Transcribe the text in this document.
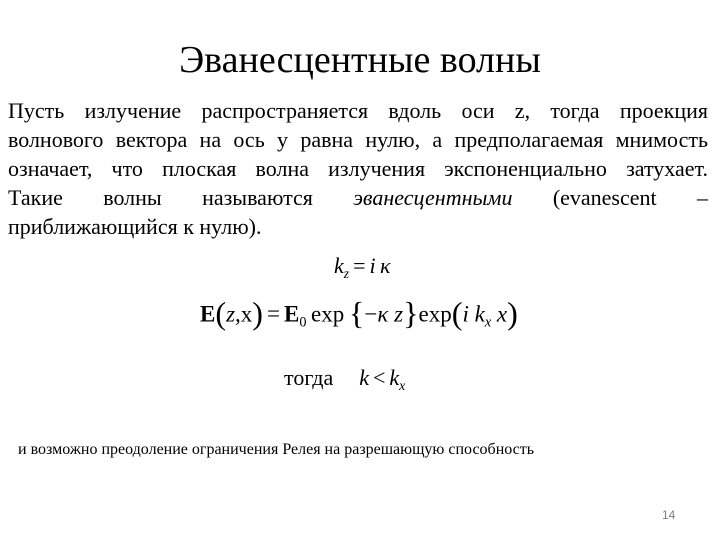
Эванесцентные волны
Пусть излучение распространяется вдоль оси z, тогда проекция
волнового вектора на ось y равна нулю, а предполагаемая мнимость
означает, что плоская волна излучения экспоненциально затухает.
Такие волны называются эванесцентными (evanescent –
приближающийся к нулю).
$k_z = i$  κ
$E(z,x) = E_0$  exp  {−κ z}exp(i $k_x$ x)
тогда $k < k_x$
и возможно преодоление ограничения Релея на разрешающую способность
14
